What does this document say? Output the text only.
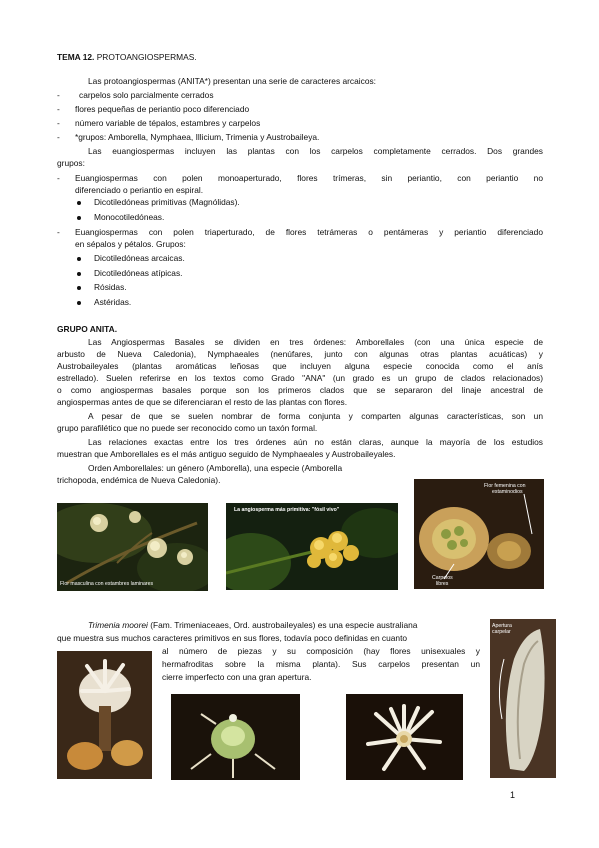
TEMA 12. PROTOANGIOSPERMAS.
Las protoangiospermas (ANITA*) presentan una serie de caracteres arcaicos:
- carpelos solo parcialmente cerrados
- flores pequeñas de periantio poco diferenciado
- número variable de tépalos, estambres y carpelos
- *grupos: Amborella, Nymphaea, Illicium, Trimenia y Austrobaileya.
Las euangiospermas incluyen las plantas con los carpelos completamente cerrados. Dos grandes
grupos:
- Euangiospermas con polen monoaperturado, flores trímeras, sin periantio, con periantio no
diferenciado o periantio en espiral.
Dicotiledóneas primitivas (Magnólidas).
Monocotiledóneas.
- Euangiospermas con polen triaperturado, de flores tetrámeras o pentámeras y periantio diferenciado
en sépalos y pétalos. Grupos:
Dicotiledóneas arcaicas.
Dicotiledóneas atípicas.
Rósidas.
Astéridas.
GRUPO ANITA.
Las Angiospermas Basales se dividen en tres órdenes: Amborellales (con una única especie de
arbusto de Nueva Caledonia), Nymphaeales (nenúfares, junto con algunas otras plantas acuáticas) y
Austrobaileyales (plantas aromáticas leñosas que incluyen alguna especie conocida como el anís
estrellado). Suelen referirse en los textos como Grado "ANA" (un grado es un grupo de clados relacionados)
o como angiospermas basales porque son los primeros clados que se separaron del linaje ancestral de
angiospermas antes de que se diferenciaran el resto de las plantas con flores.
A pesar de que se suelen nombrar de forma conjunta y comparten algunas características, son un
grupo parafilético que no puede ser reconocido como un taxón formal.
Las relaciones exactas entre los tres órdenes aún no están claras, aunque la mayoría de los estudios
muestran que Amborellales es el más antiguo seguido de Nymphaeales y Austrobaileyales.
Orden Amborellales: un género (Amborella), una especie (Amborella
trichopoda, endémica de Nueva Caledonia).
Flor masculina con estambres laminares
La angiosperma más primitiva: "fósil vivo"
Flor femenina con
estaminodios
Carpelos
libres
Trimenia moorei (Fam. Trimeniaceaes, Ord. austrobaileyales) es una especie australiana
que muestra sus muchos caracteres primitivos en sus flores, todavía poco definidas en cuanto
al número de piezas y su composición (hay flores unisexuales y
hermafroditas sobre la misma planta). Sus carpelos presentan un
cierre imperfecto con una gran apertura.
Apertura
carpelar
1
